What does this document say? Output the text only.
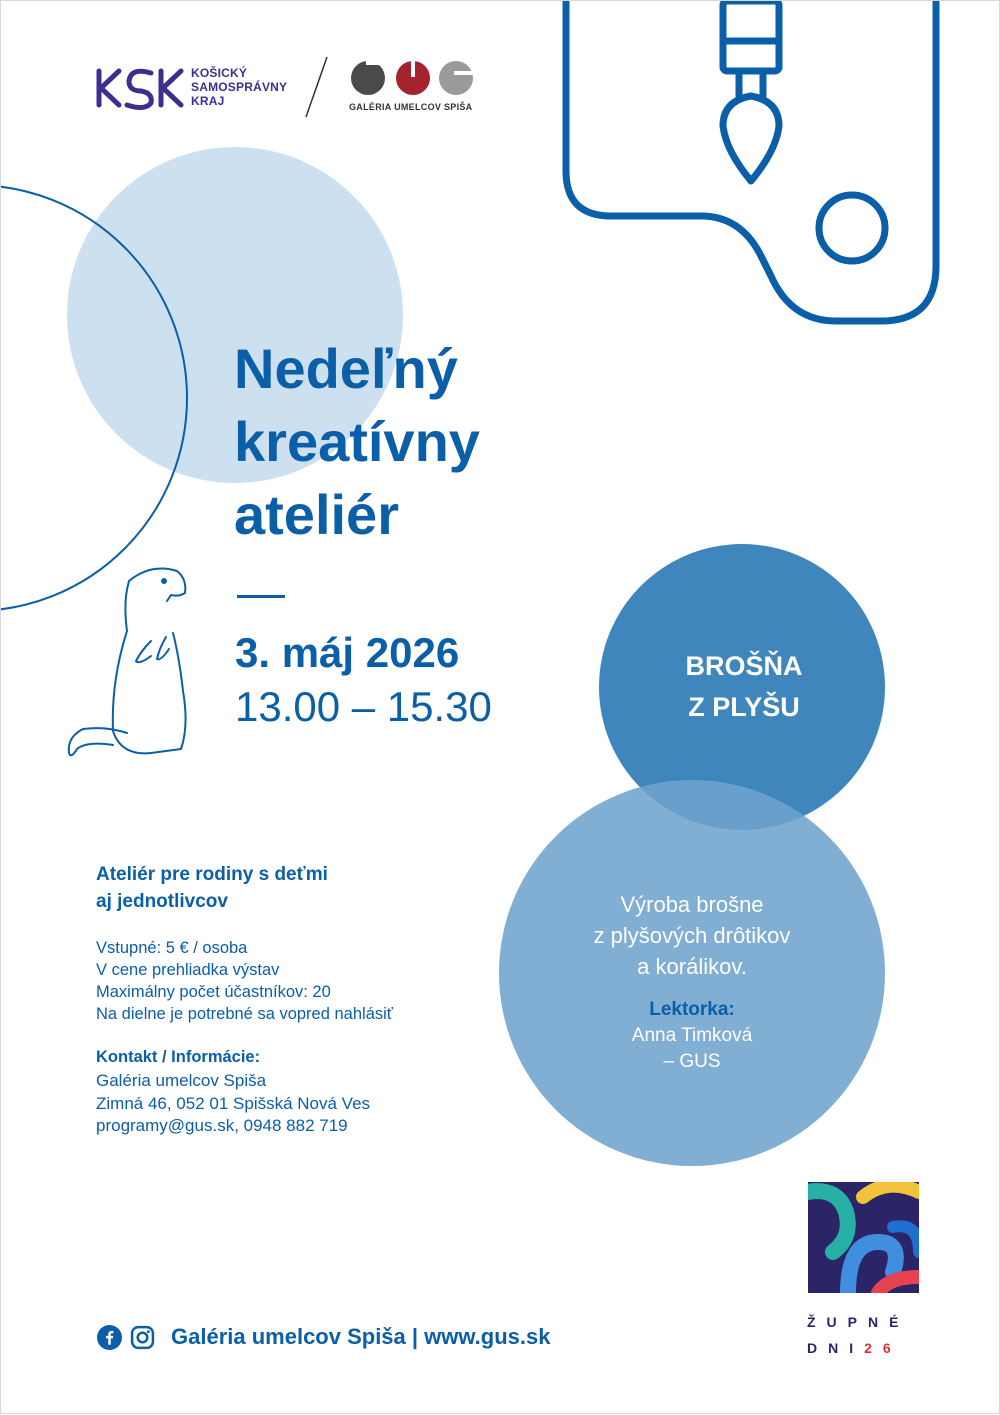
KOŠICKÝ
SAMOSPRÁVNY
KRAJ	GALÉRIA UMELCOV SPIŠA
Nedeľný
kreatívny
ateliér
3. máj 2026
13.00 – 15.30
BROŠŇA
Z PLYŠU
Výroba brošne
z plyšových drôtikov
a korálikov.
Lektorka:
Anna Timková
– GUS
Ateliér pre rodiny s deťmi
aj jednotlivcov
Vstupné: 5 € / osoba
V cene prehliadka výstav
Maximálny počet účastníkov: 20
Na dielne je potrebné sa vopred nahlásiť
Kontakt / Informácie:
Galéria umelcov Spiša
Zimná 46, 052 01 Spišská Nová Ves
programy@gus.sk, 0948 882 719
Galéria umelcov Spiša | www.gus.sk
ŽUPNÉ
DNI26
